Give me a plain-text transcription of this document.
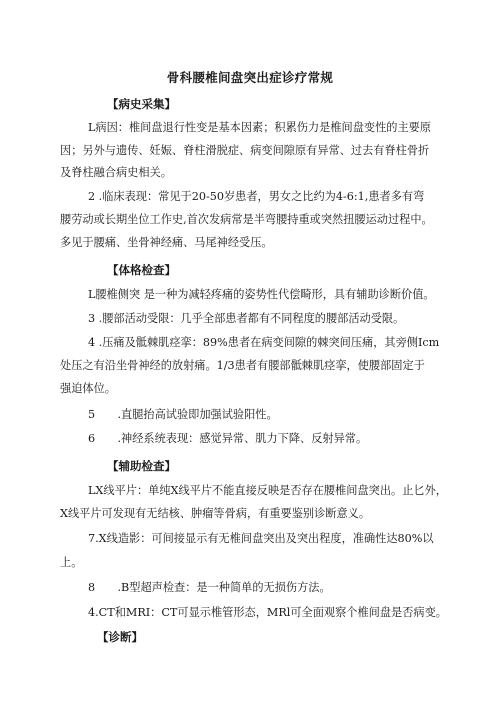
骨科腰椎间盘突出症诊疗常规
【病史采集】
L病因：椎间盘退行性变是基本因素；积累伤力是椎间盘变性的主要原
因；另外与遗传、妊娠、脊柱滑脱症、病变间隙原有异常、过去有脊柱骨折
及脊柱融合病史相关。
2 .临床表现：常见于20-50岁患者，男女之比约为4-6:1,患者多有弯
腰劳动或长期坐位工作史,首次发病常是半弯腰持重或突然扭腰运动过程中。
多见于腰痛、坐骨神经痛、马尾神经受压。
【体格检查】
L腰椎侧突 是一种为减轻疼痛的姿势性代偿畸形，具有辅助诊断价值。
3 .腰部活动受限：几乎全部患者都有不同程度的腰部活动受限。
4 .压痛及骶棘肌痉挛：89%患者在病变间隙的棘突间压痛，其旁侧Icm
处压之有沿坐骨神经的放射痛。1/3患者有腰部骶棘肌痉挛，使腰部固定于
强迫体位。
5　　.直腿抬高试验即加强试验阳性。
6　　.神经系统表现：感觉异常、肌力下降、反射异常。
【辅助检查】
LX线平片：单纯X线平片不能直接反映是否存在腰椎间盘突出。止匕外，
X线平片可发现有无结核、肿瘤等骨病，有重要鉴别诊断意义。
7.X线造影：可间接显示有无椎间盘突出及突出程度，准确性达80%以
上。
8　　.B型超声检查：是一种简单的无损伤方法。
4.CT和MRI：CT可显示椎管形态，MRl可全面观察个椎间盘是否病变。
【诊断】
